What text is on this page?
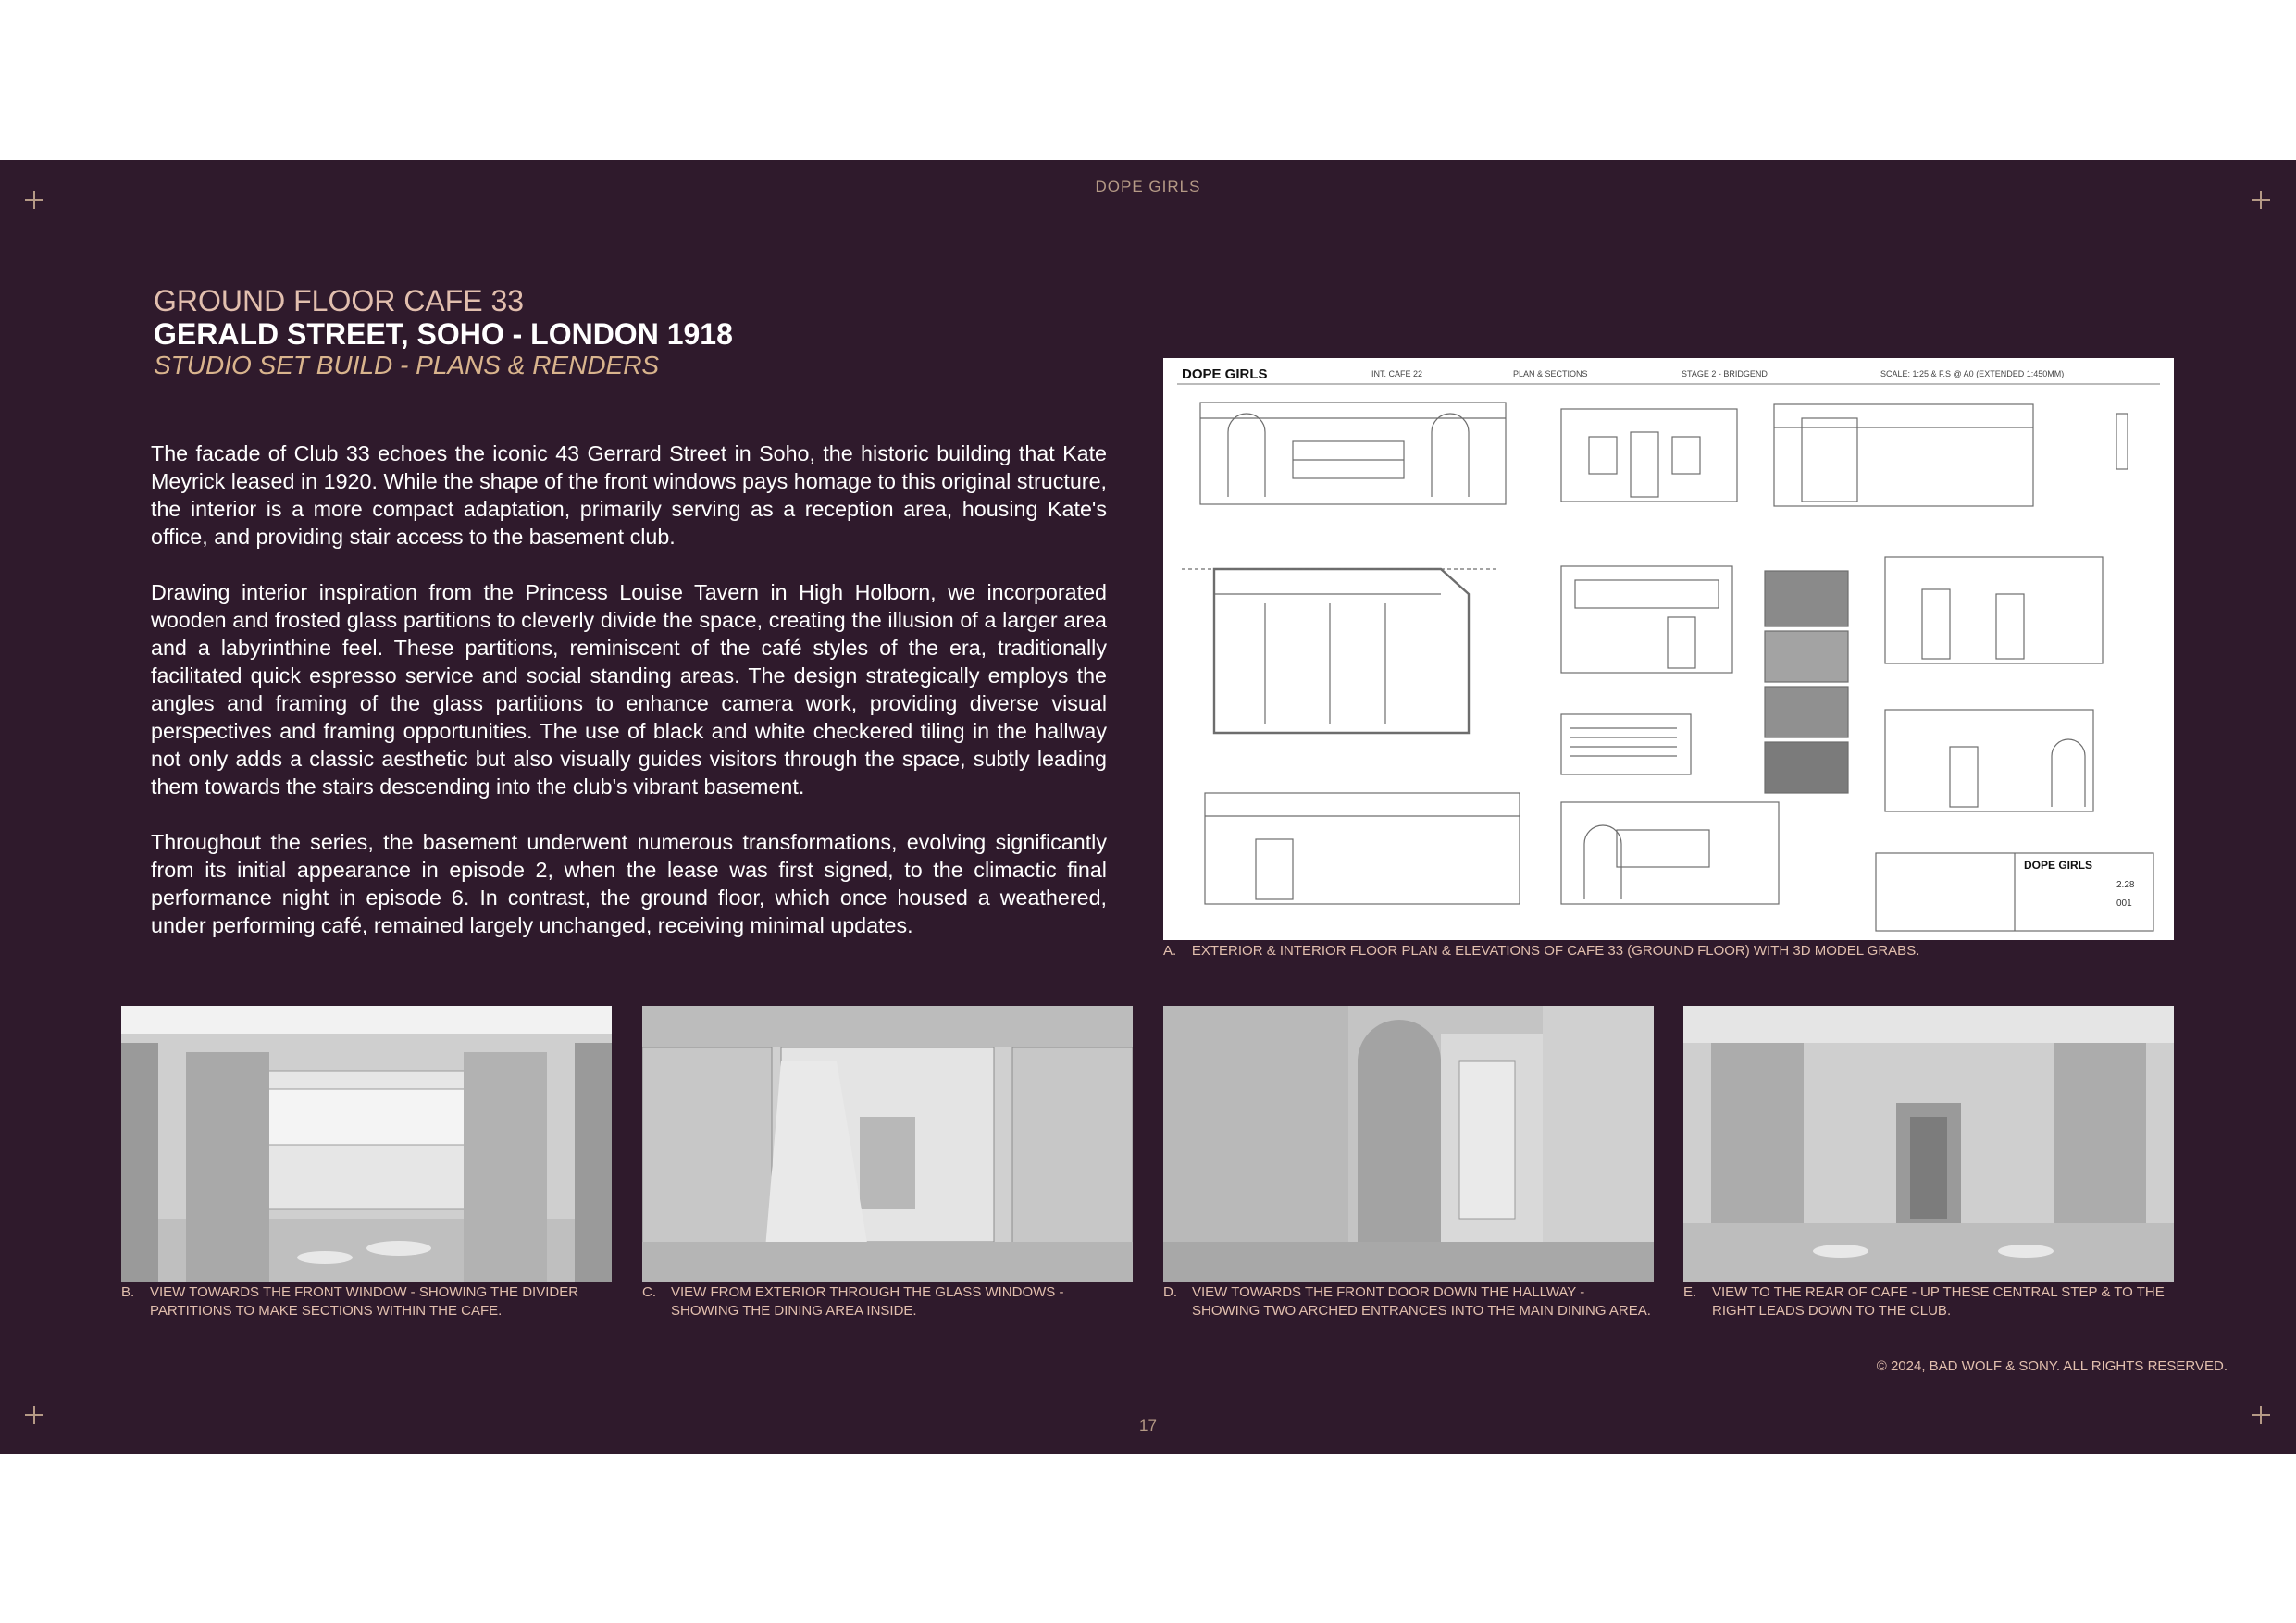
DOPE GIRLS
GROUND FLOOR CAFE 33
GERALD STREET, SOHO - LONDON 1918
STUDIO SET BUILD - PLANS & RENDERS

The facade of Club 33 echoes the iconic 43 Gerrard Street in Soho, the historic building that Kate Meyrick leased in 1920. While the shape of the front windows pays homage to this original structure, the interior is a more compact adaptation, primarily serving as a reception area, housing Kate's office, and providing stair access to the basement club.

Drawing interior inspiration from the Princess Louise Tavern in High Holborn, we incorporated wooden and frosted glass partitions to cleverly divide the space, creating the illusion of a larger area and a labyrinthine feel. These partitions, reminiscent of the café styles of the era, traditionally facilitated quick espresso service and social standing areas. The design strategically employs the angles and framing of the glass partitions to enhance camera work, providing diverse visual perspectives and framing opportunities. The use of black and white checkered tiling in the hallway not only adds a classic aesthetic but also visually guides visitors through the space, subtly leading them towards the stairs descending into the club's vibrant basement.

Throughout the series, the basement underwent numerous transformations, evolving significantly from its initial appearance in episode 2, when the lease was first signed, to the climactic final performance night in episode 6. In contrast, the ground floor, which once housed a weathered, under performing café, remained largely unchanged, receiving minimal updates.

DOPE GIRLS	INT. CAFE 22	PLAN & SECTIONS	STAGE 2 - BRIDGEND	SCALE: 1:25 & F.S @ A0 (EXTENDED 1:450MM)
DOPE GIRLS
2.28
001
A. EXTERIOR & INTERIOR FLOOR PLAN & ELEVATIONS OF CAFE 33 (GROUND FLOOR) WITH 3D MODEL GRABS.
B. VIEW TOWARDS THE FRONT WINDOW - SHOWING THE DIVIDER PARTITIONS TO MAKE SECTIONS WITHIN THE CAFE.
C. VIEW FROM EXTERIOR THROUGH THE GLASS WINDOWS - SHOWING THE DINING AREA INSIDE.
D. VIEW TOWARDS THE FRONT DOOR DOWN THE HALLWAY - SHOWING TWO ARCHED ENTRANCES INTO THE MAIN DINING AREA.
E. VIEW TO THE REAR OF CAFE - UP THESE CENTRAL STEP & TO THE RIGHT LEADS DOWN TO THE CLUB.
© 2024, BAD WOLF & SONY. ALL RIGHTS RESERVED.
17
